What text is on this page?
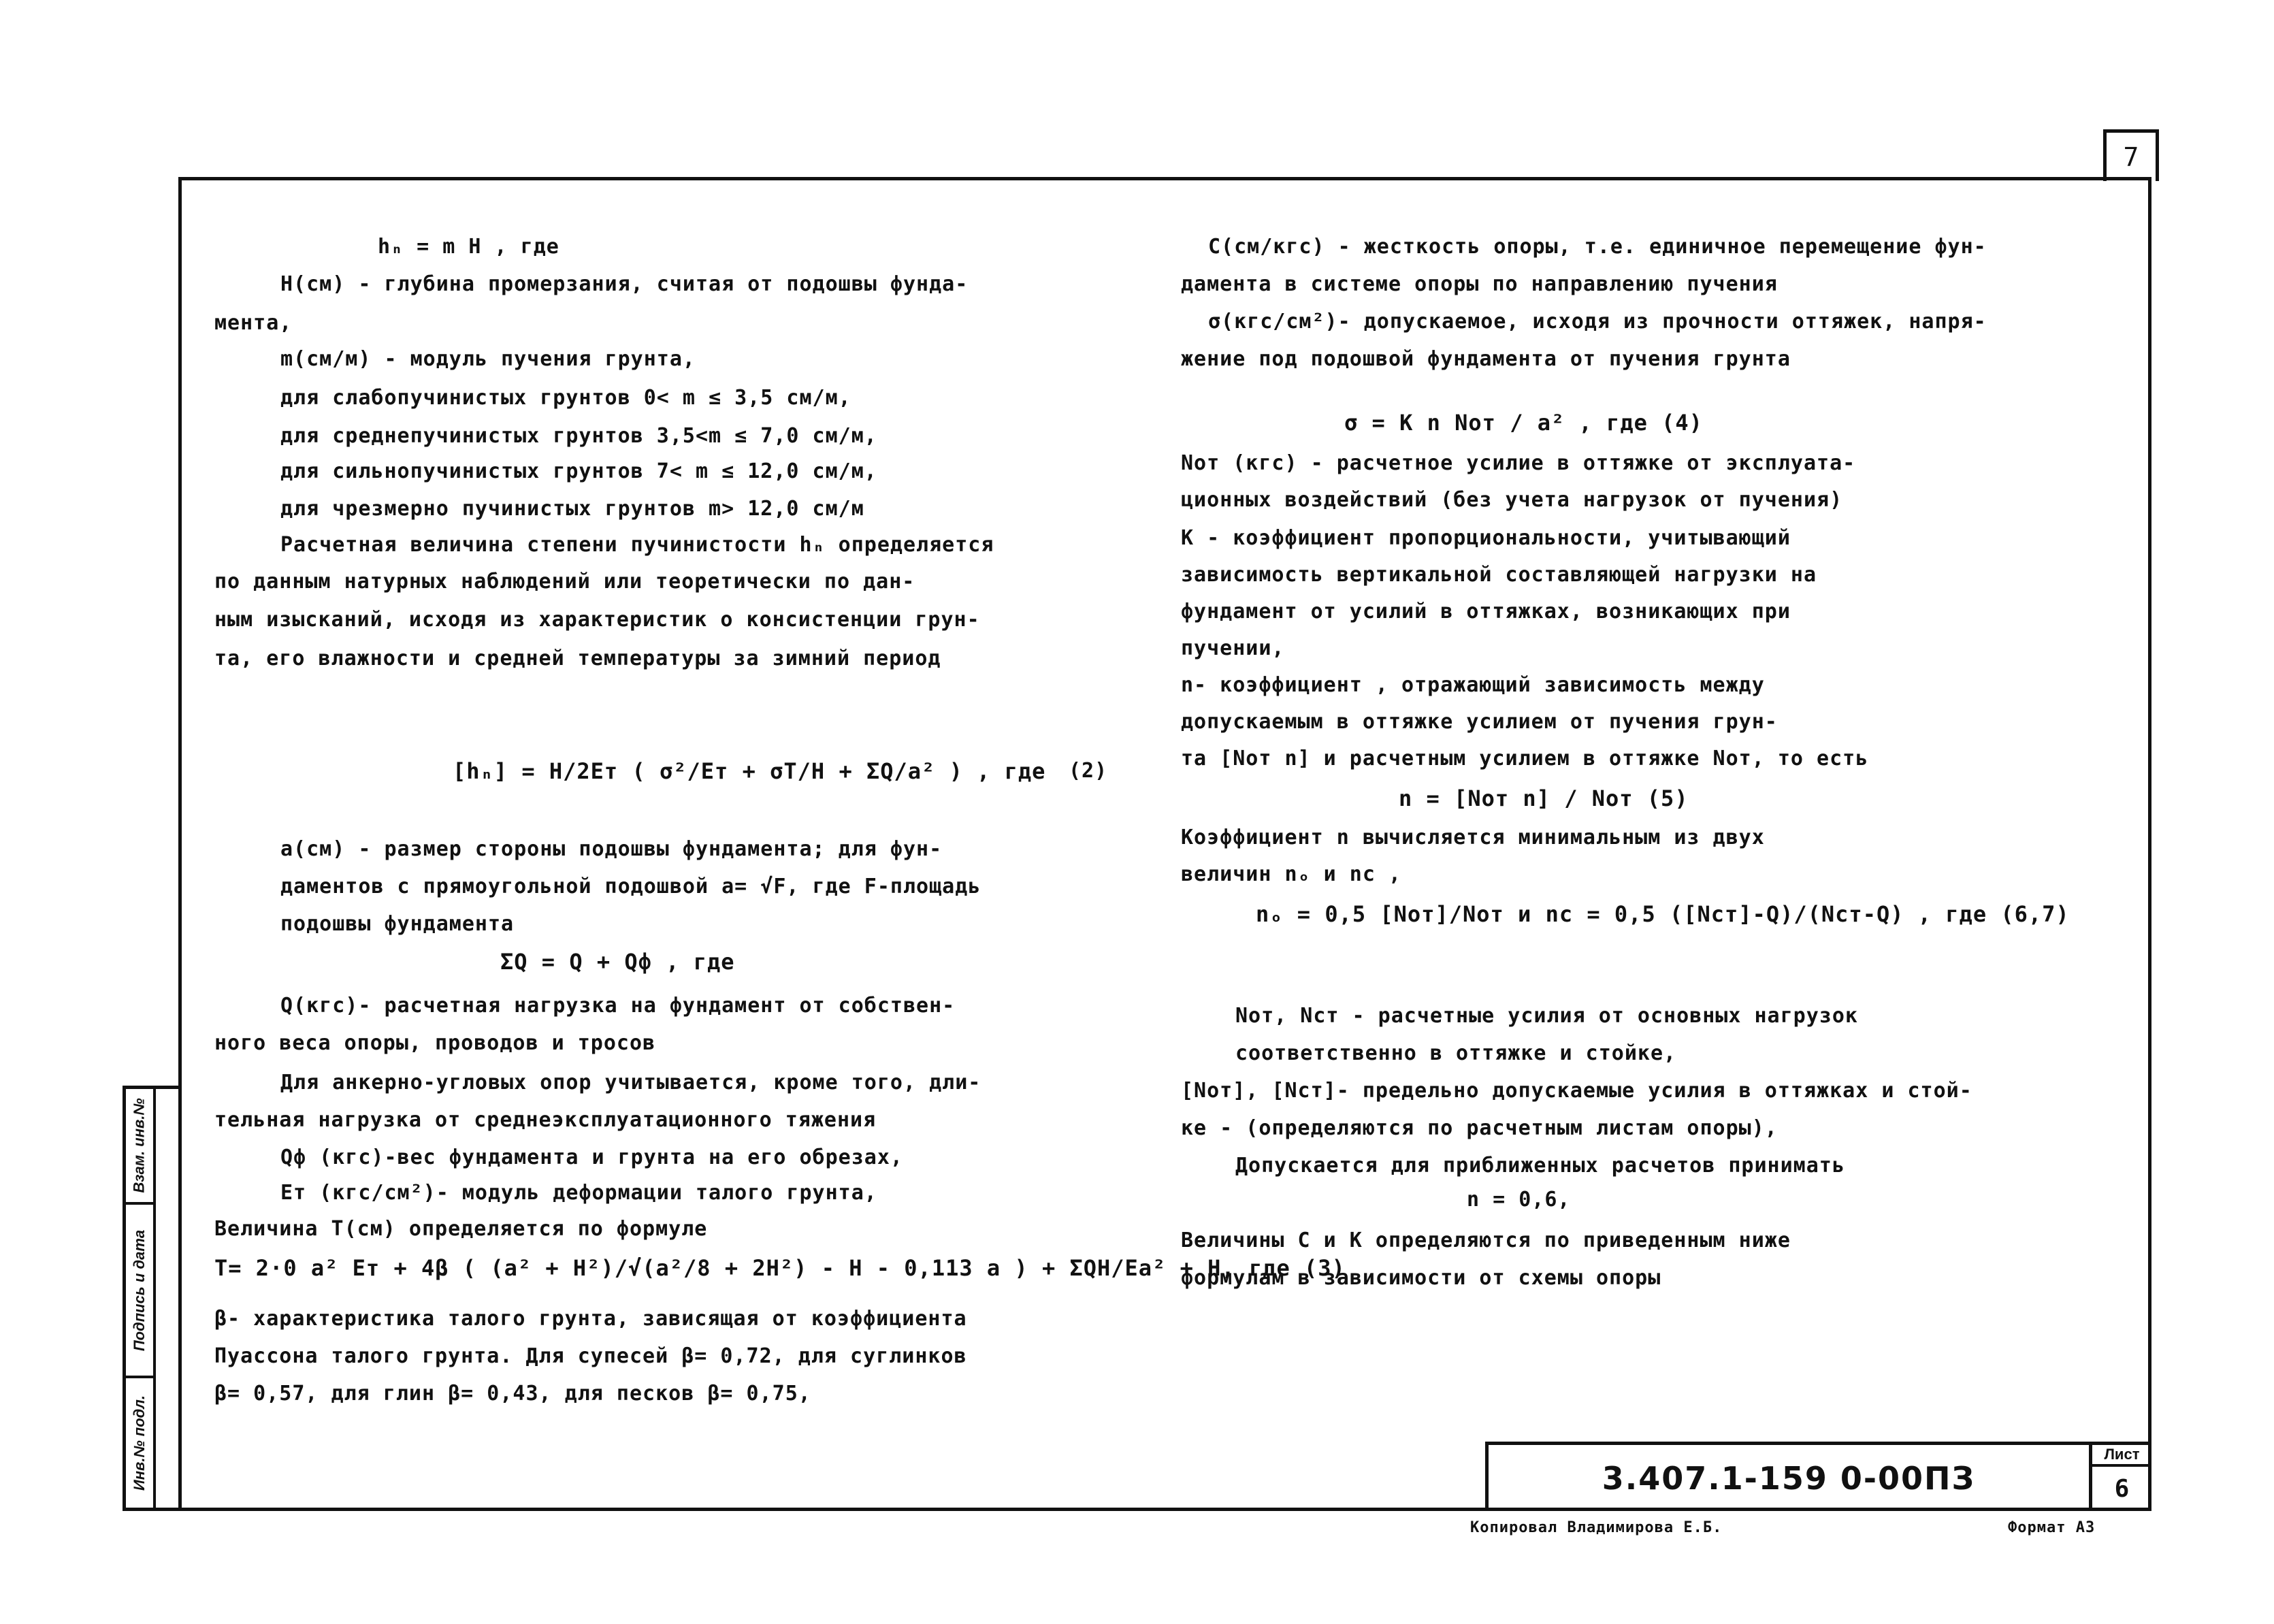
7
Взам. инв.№
Подпись и дата
Инв.№ подл.
hₙ = m H , где
H(см) - глубина промерзания, считая от подошвы фунда-
мента,
m(см/м) - модуль пучения грунта,
для слабопучинистых грунтов 0< m ≤ 3,5 см/м,
для среднепучинистых грунтов 3,5<m ≤ 7,0 см/м,
для сильнопучинистых грунтов 7< m ≤ 12,0 см/м,
для чрезмерно пучинистых грунтов m> 12,0 см/м
Расчетная величина степени пучинистости hₙ определяется
по данным натурных наблюдений или теоретически по дан-
ным изысканий, исходя из характеристик о консистенции грун-
та, его влажности и средней температуры за зимний период
[hₙ] = H/2Eт ( σ²/Eт + σT/H + ΣQ/a² ) , где (2)
a(см) - размер стороны подошвы фундамента; для фун-
даментов с прямоугольной подошвой a= √F, где F-площадь
подошвы фундамента
ΣQ = Q + Qф , где
Q(кгс)- расчетная нагрузка на фундамент от собствен-
ного веса опоры, проводов и тросов
Для анкерно-угловых опор учитывается, кроме того, дли-
тельная нагрузка от среднеэксплуатационного тяжения
Qф (кгс)-вес фундамента и грунта на его обрезах,
Eт (кгс/см²)- модуль деформации талого грунта,
Величина T(см) определяется по формуле
T= 2·0 a² Eт + 4β ( (a² + H²)/√(a²/8 + 2H²) - H - 0,113 a ) + ΣQH/Ea² + H, где (3)
β- характеристика талого грунта, зависящая от коэффициента
Пуассона талого грунта. Для супесей β= 0,72, для суглинков
β= 0,57, для глин β= 0,43, для песков β= 0,75,
C(см/кгс) - жесткость опоры, т.е. единичное перемещение фун-
дамента в системе опоры по направлению пучения
σ(кгс/см²)- допускаемое, исходя из прочности оттяжек, напря-
жение под подошвой фундамента от пучения грунта
σ = K n Nот / a² , где (4)
Nот (кгс) - расчетное усилие в оттяжке от эксплуата-
ционных воздействий (без учета нагрузок от пучения)
K - коэффициент пропорциональности, учитывающий
зависимость вертикальной составляющей нагрузки на
фундамент от усилий в оттяжках, возникающих при
пучении,
n- коэффициент , отражающий зависимость между
допускаемым в оттяжке усилием от пучения грун-
та [Nот n] и расчетным усилием в оттяжке Nот, то есть
n = [Nот n] / Nот (5)
Коэффициент n вычисляется минимальным из двух
величин nₒ и nc ,
nₒ = 0,5 [Nот]/Nот и nc = 0,5 ([Nст]-Q)/(Nст-Q) , где (6,7)
Nот, Nст - расчетные усилия от основных нагрузок
соответственно в оттяжке и стойке,
[Nот], [Nст]- предельно допускаемые усилия в оттяжках и стой-
ке - (определяются по расчетным листам опоры),
Допускается для приближенных расчетов принимать
n = 0,6,
Величины C и K определяются по приведенным ниже
формулам в зависимости от схемы опоры
3.407.1-159 0-00ПЗ
Лист
6
Копировал Владимирова Е.Б.	Формат А3
